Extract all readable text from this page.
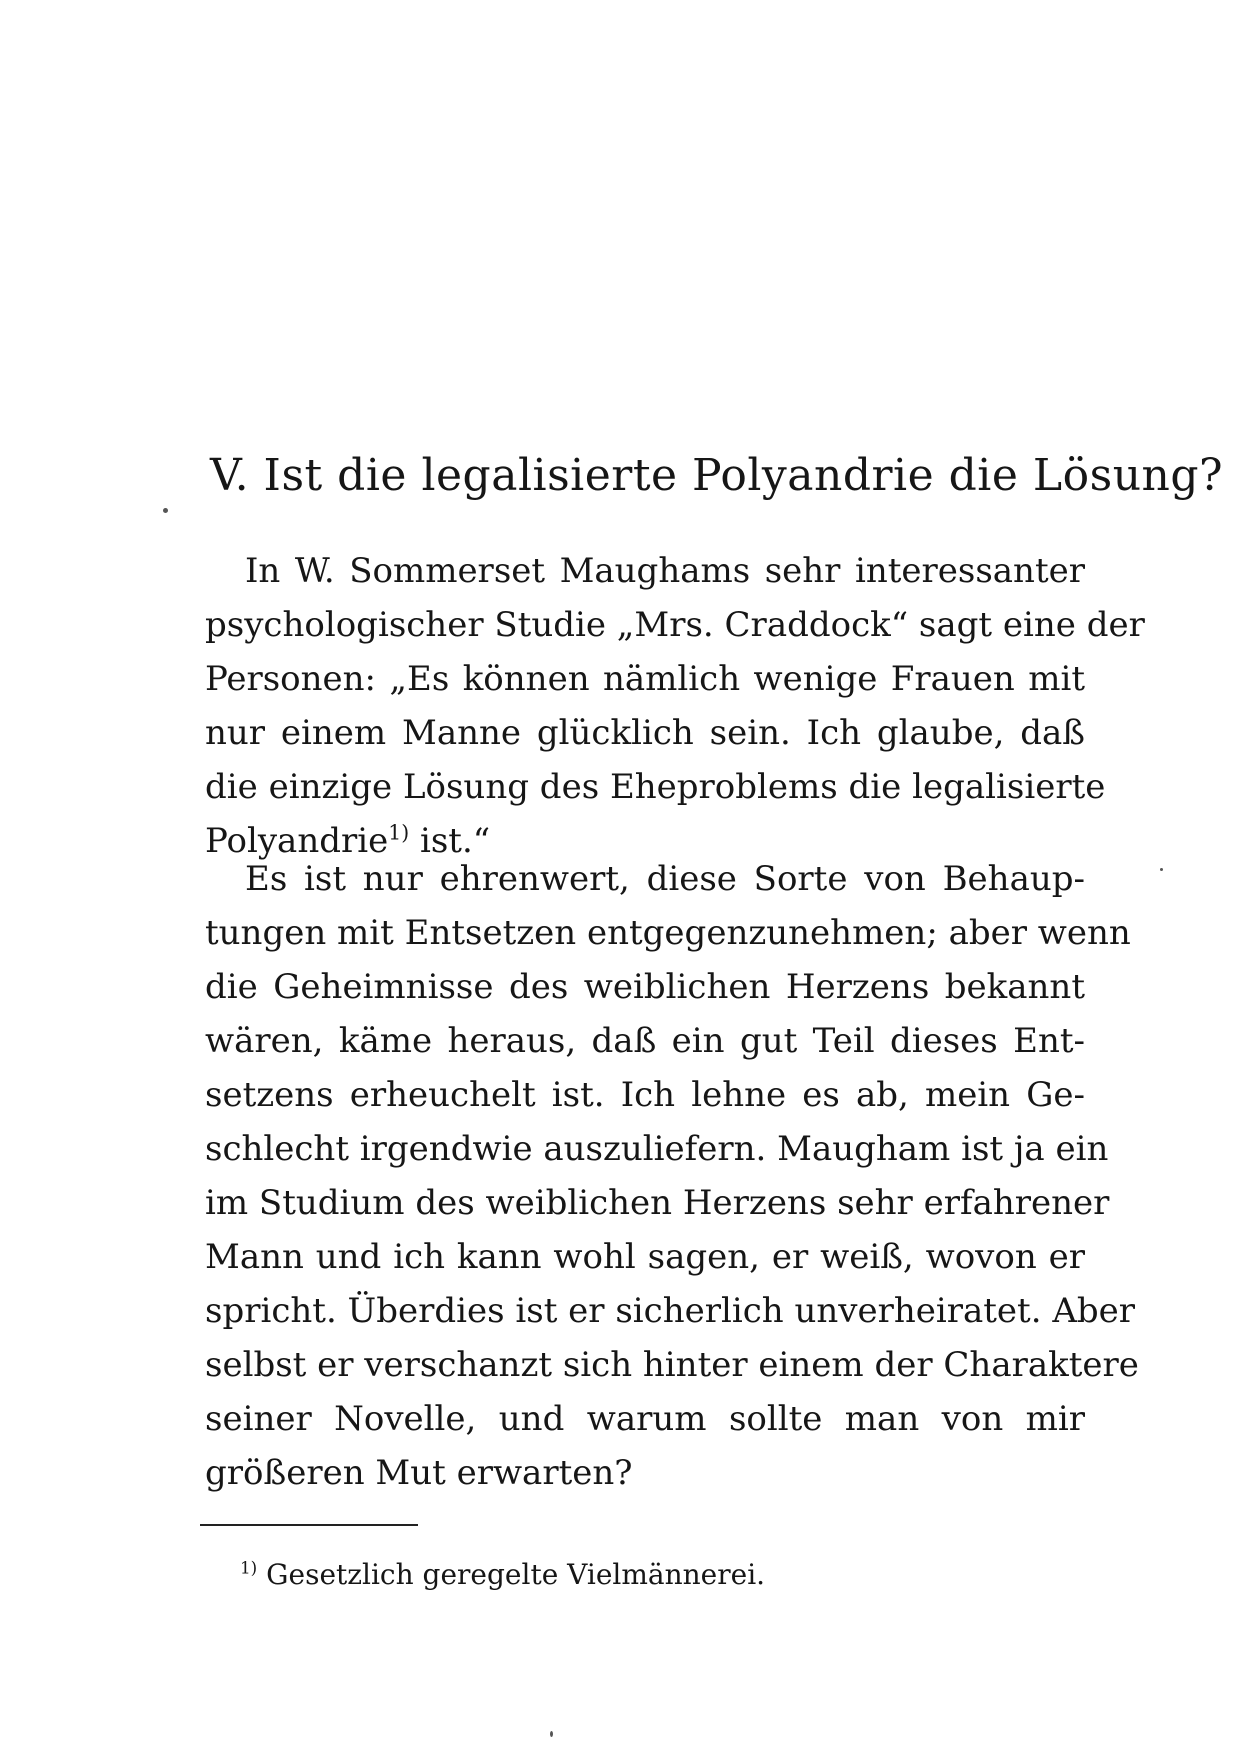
V. Ist die legalisierte Polyandrie die Lösung?
In W. Sommerset Maughams sehr interessanter
psychologischer Studie „Mrs. Craddock“ sagt eine der
Personen: „Es können nämlich wenige Frauen mit
nur einem Manne glücklich sein. Ich glaube, daß
die einzige Lösung des Eheproblems die legalisierte
Polyandrie$^{1)}$ ist.“
Es ist nur ehrenwert, diese Sorte von Behaup-
tungen mit Entsetzen entgegenzunehmen; aber wenn
die Geheimnisse des weiblichen Herzens bekannt
wären, käme heraus, daß ein gut Teil dieses Ent-
setzens erheuchelt ist. Ich lehne es ab, mein Ge-
schlecht irgendwie auszuliefern. Maugham ist ja ein
im Studium des weiblichen Herzens sehr erfahrener
Mann und ich kann wohl sagen, er weiß, wovon er
spricht. Überdies ist er sicherlich unverheiratet. Aber
selbst er verschanzt sich hinter einem der Charaktere
seiner Novelle, und warum sollte man von mir
größeren Mut erwarten?
$^{1)}$ Gesetzlich geregelte Vielmännerei.
